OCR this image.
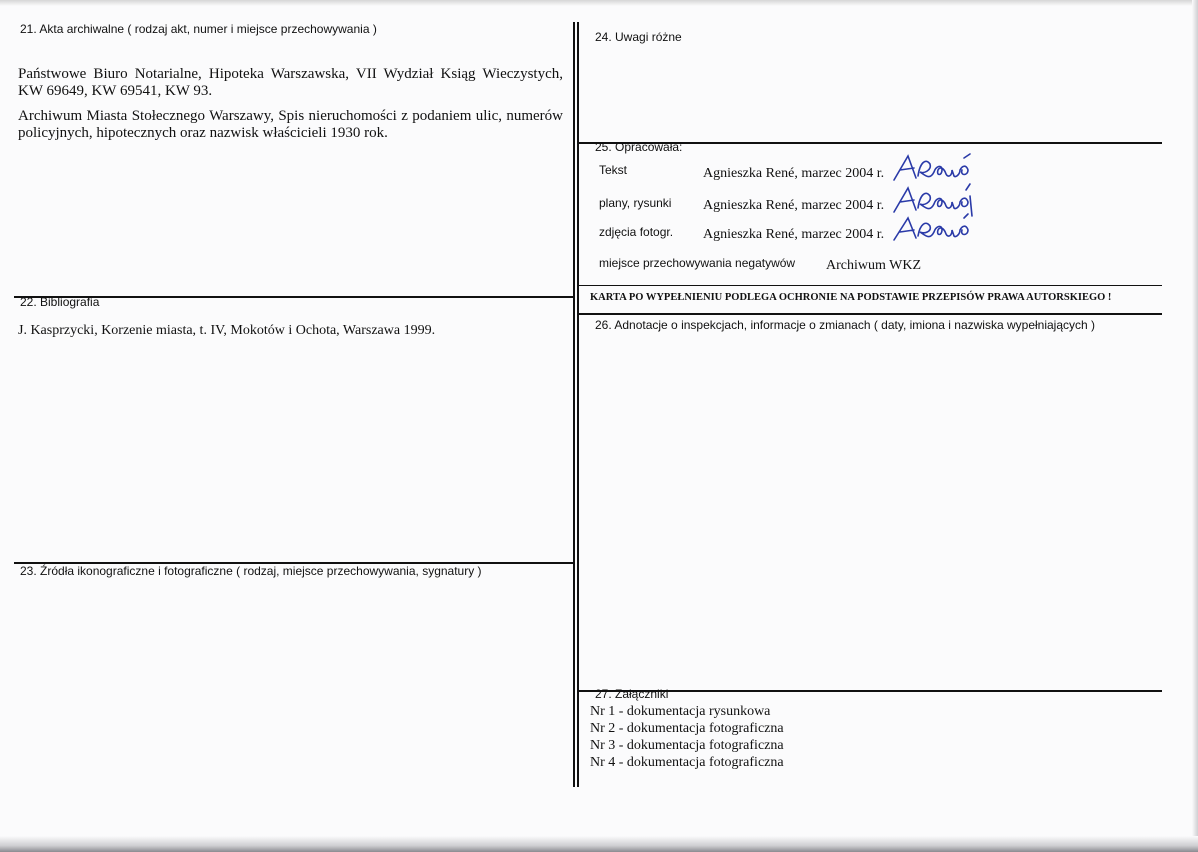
21. Akta archiwalne ( rodzaj akt, numer i miejsce przechowywania )
Państwowe Biuro Notarialne, Hipoteka Warszawska, VII Wydział Ksiąg Wieczystych, KW 69649, KW 69541, KW 93.
Archiwum Miasta Stołecznego Warszawy, Spis nieruchomości z podaniem ulic, numerów policyjnych, hipotecznych oraz nazwisk właścicieli 1930 rok.
22. Bibliografia
J. Kasprzycki, Korzenie miasta, t. IV, Mokotów i Ochota, Warszawa 1999.
23. Źródła ikonograficzne i fotograficzne ( rodzaj, miejsce przechowywania, sygnatury )
24. Uwagi różne
25. Opracowała:
Tekst	Agnieszka René, marzec 2004 r.
plany, rysunki Agnieszka René, marzec 2004 r.
zdjęcia fotogr. Agnieszka René, marzec 2004 r.
miejsce przechowywania negatywów Archiwum WKZ
KARTA PO WYPEŁNIENIU PODLEGA OCHRONIE NA PODSTAWIE PRZEPISÓW PRAWA AUTORSKIEGO !
26. Adnotacje o inspekcjach, informacje o zmianach ( daty, imiona i nazwiska wypełniających )
27. Załączniki
Nr 1 - dokumentacja rysunkowa
Nr 2 - dokumentacja fotograficzna
Nr 3 - dokumentacja fotograficzna
Nr 4 - dokumentacja fotograficzna
